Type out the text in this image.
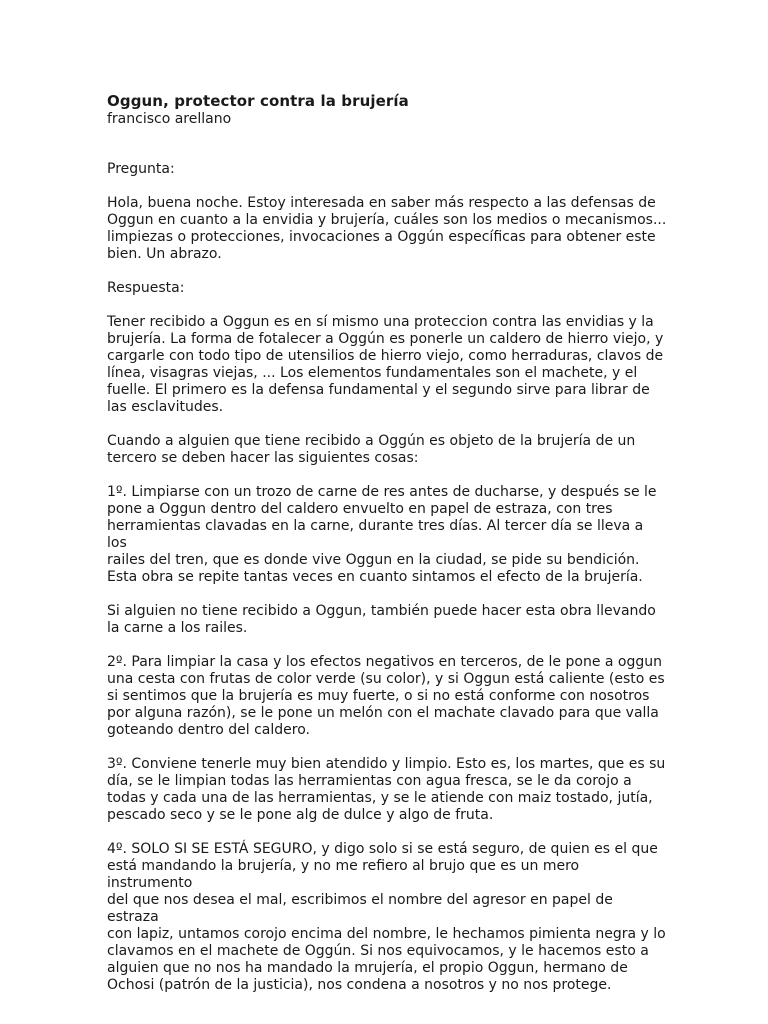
Oggun, protector contra la brujería

francisco arellano

Pregunta:

Hola, buena noche. Estoy interesada en saber más respecto a las defensas de
Oggun en cuanto a la envidia y brujería, cuáles son los medios o mecanismos...
limpiezas o protecciones, invocaciones a Oggún específicas para obtener este
bien. Un abrazo.

Respuesta:

Tener recibido a Oggun es en sí mismo una proteccion contra las envidias y la
brujería. La forma de fotalecer a Oggún es ponerle un caldero de hierro viejo, y
cargarle con todo tipo de utensilios de hierro viejo, como herraduras, clavos de
línea, visagras viejas, ... Los elementos fundamentales son el machete, y el
fuelle. El primero es la defensa fundamental y el segundo sirve para librar de
las esclavitudes.

Cuando a alguien que tiene recibido a Oggún es objeto de la brujería de un
tercero se deben hacer las siguientes cosas:

1º. Limpiarse con un trozo de carne de res antes de ducharse, y después se le
pone a Oggun dentro del caldero envuelto en papel de estraza, con tres
herramientas clavadas en la carne, durante tres días. Al tercer día se lleva a los
railes del tren, que es donde vive Oggun en la ciudad, se pide su bendición.
Esta obra se repite tantas veces en cuanto sintamos el efecto de la brujería.

Si alguien no tiene recibido a Oggun, también puede hacer esta obra llevando
la carne a los railes.

2º. Para limpiar la casa y los efectos negativos en terceros, de le pone a oggun
una cesta con frutas de color verde (su color), y si Oggun está caliente (esto es
si sentimos que la brujería es muy fuerte, o si no está conforme con nosotros
por alguna razón), se le pone un melón con el machate clavado para que valla
goteando dentro del caldero.

3º. Conviene tenerle muy bien atendido y limpio. Esto es, los martes, que es su
día, se le limpian todas las herramientas con agua fresca, se le da corojo a
todas y cada una de las herramientas, y se le atiende con maiz tostado, jutía,
pescado seco y se le pone alg de dulce y algo de fruta.

4º. SOLO SI SE ESTÁ SEGURO, y digo solo si se está seguro, de quien es el que
está mandando la brujería, y no me refiero al brujo que es un mero instrumento
del que nos desea el mal, escribimos el nombre del agresor en papel de estraza
con lapiz, untamos corojo encima del nombre, le hechamos pimienta negra y lo
clavamos en el machete de Oggún. Si nos equivocamos, y le hacemos esto a
alguien que no nos ha mandado la mrujería, el propio Oggun, hermano de
Ochosi (patrón de la justicia), nos condena a nosotros y no nos protege.
